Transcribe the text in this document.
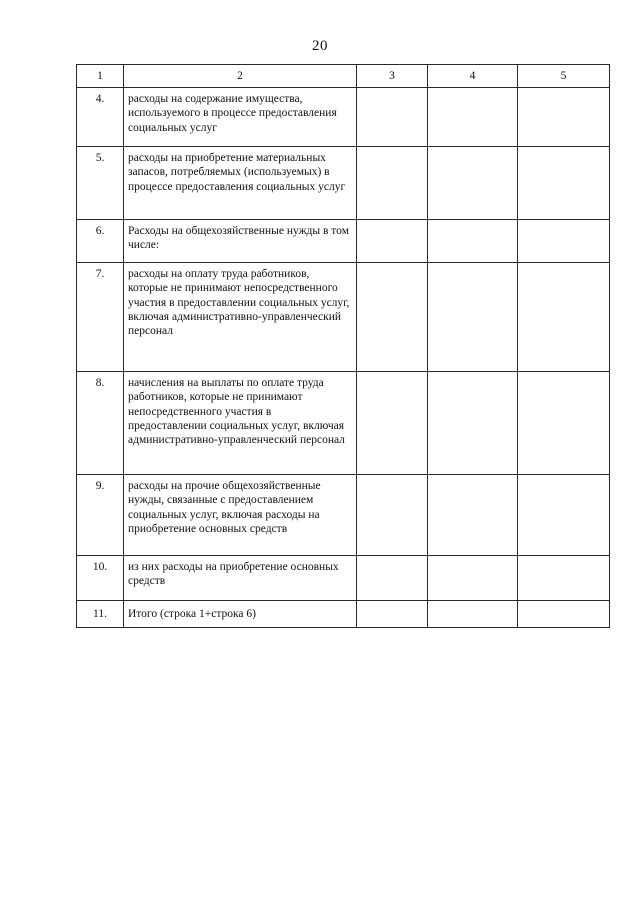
20
1	2	3	4	5
4.	расходы на содержание имущества, используемого в процессе предоставления социальных услуг			
5.	расходы на приобретение материальных запасов, потребляемых (используемых) в процессе предоставления социальных услуг			
6.	Расходы на общехозяйственные нужды в том числе:			
7.	расходы на оплату труда работников, которые не принимают непосредственного участия в предоставлении социальных услуг, включая административно-управленческий персонал			
8.	начисления на выплаты по оплате труда работников, которые не принимают непосредственного участия в предоставлении социальных услуг, включая административно-управленческий персонал			
9.	расходы на прочие общехозяйственные нужды, связанные с предоставлением социальных услуг, включая расходы на приобретение основных средств			
10.	из них расходы на приобретение основных средств			
11.	Итого (строка 1+строка 6)			
